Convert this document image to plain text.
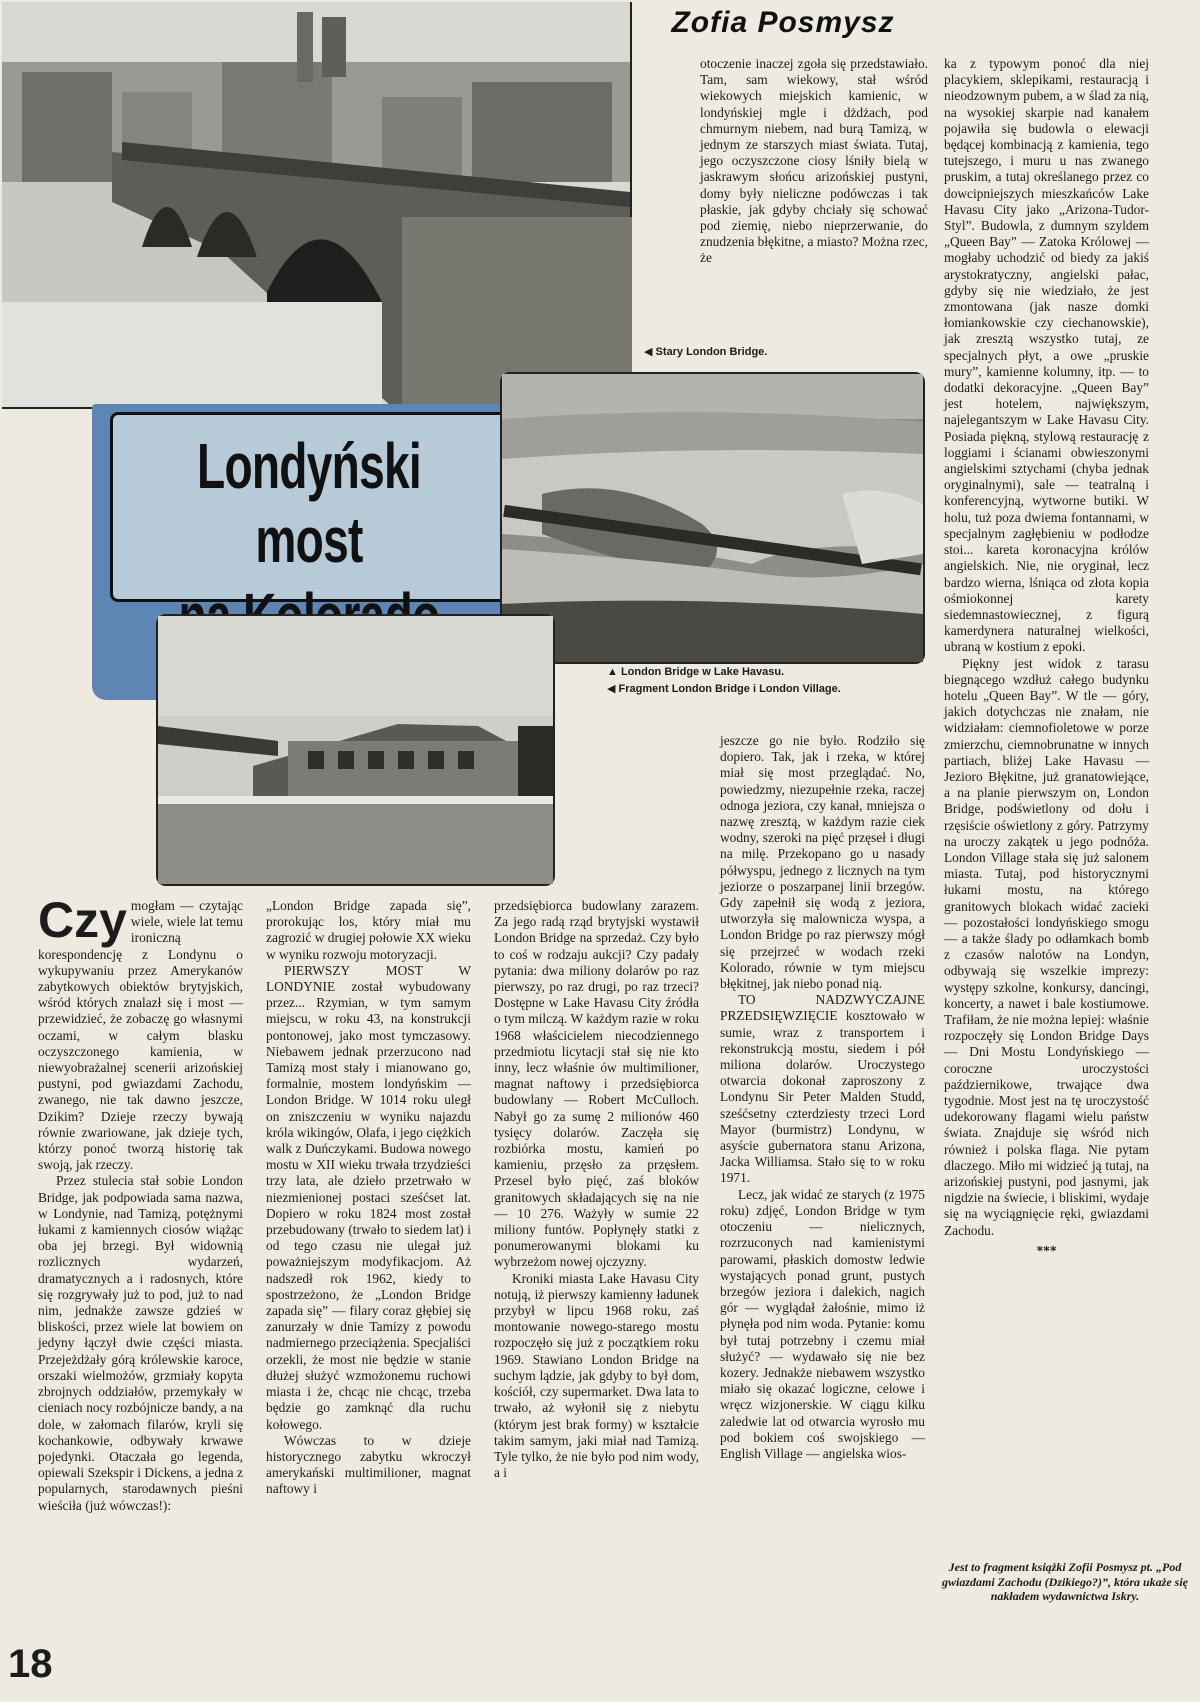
Zofia Posmysz
◀ Stary London Bridge.
Londyński most
▲ London Bridge w Lake Havasu.
◀ Fragment London Bridge i London Village.

otoczenie inaczej zgoła się przedstawiało. Tam, sam wiekowy, stał wśród wiekowych miejskich kamienic, w londyńskiej mgle i dżdżach, pod chmurnym niebem, nad burą Tamizą, w jednym ze starszych miast świata. Tutaj, jego oczyszczone ciosy lśniły bielą w jaskrawym słońcu arizońskiej pustyni, domy były nieliczne podówczas i tak płaskie, jak gdyby chciały się schować pod ziemię, niebo nieprzerwanie, do znudzenia błękitne, a miasto? Można rzec, że

Czy mogłam — czytając wiele, wiele lat temu ironiczną korespondencję z Londynu o wykupywaniu przez Amerykanów zabytkowych obiektów brytyjskich, wśród których znalazł się i most — przewidzieć, że zobaczę go własnymi oczami, w całym blasku oczyszczonego kamienia, w niewyobrażalnej scenerii arizońskiej pustyni, pod gwiazdami Zachodu, zwanego, nie tak dawno jeszcze, Dzikim? Dzieje rzeczy bywają równie zwariowane, jak dzieje tych, którzy ponoć tworzą historię tak swoją, jak rzeczy.

Przez stulecia stał sobie London Bridge, jak podpowiada sama nazwa, w Londynie, nad Tamizą, potężnymi łukami z kamiennych ciosów wiążąc oba jej brzegi. Był widownią rozlicznych wydarzeń, dramatycznych a i radosnych, które się rozgrywały już to pod, już to nad nim, jednakże zawsze gdzieś w bliskości, przez wiele lat bowiem on jedyny łączył dwie części miasta. Przejeżdżały górą królewskie karoce, orszaki wielmożów, grzmiały kopyta zbrojnych oddziałów, przemykały w cieniach nocy rozbójnicze bandy, a na dole, w załomach filarów, kryli się kochankowie, odbywały krwawe pojedynki. Otaczała go legenda, opiewali Szekspir i Dickens, a jedna z popularnych, starodawnych pieśni wieściła (już wówczas!):

„London Bridge zapada się”, prorokując los, który miał mu zagrozić w drugiej połowie XX wieku w wyniku rozwoju motoryzacji.

PIERWSZY MOST W LONDYNIE został wybudowany przez... Rzymian, w tym samym miejscu, w roku 43, na konstrukcji pontonowej, jako most tymczasowy. Niebawem jednak przerzucono nad Tamizą most stały i mianowano go, formalnie, mostem londyńskim — London Bridge. W 1014 roku uległ on zniszczeniu w wyniku najazdu króla wikingów, Olafa, i jego ciężkich walk z Duńczykami. Budowa nowego mostu w XII wieku trwała trzydzieści trzy lata, ale dzieło przetrwało w niezmienionej postaci sześćset lat. Dopiero w roku 1824 most został przebudowany (trwało to siedem lat) i od tego czasu nie ulegał już poważniejszym modyfikacjom. Aż nadszedł rok 1962, kiedy to spostrzeżono, że „London Bridge zapada się” — filary coraz głębiej się zanurzały w dnie Tamizy z powodu nadmiernego przeciążenia. Specjaliści orzekli, że most nie będzie w stanie dłużej służyć wzmożonemu ruchowi miasta i że, chcąc nie chcąc, trzeba będzie go zamknąć dla ruchu kołowego.

Wówczas to w dzieje historycznego zabytku wkroczył amerykański multimilioner, magnat naftowy i

przedsiębiorca budowlany zarazem. Za jego radą rząd brytyjski wystawił London Bridge na sprzedaż. Czy było to coś w rodzaju aukcji? Czy padały pytania: dwa miliony dolarów po raz pierwszy, po raz drugi, po raz trzeci? Dostępne w Lake Havasu City źródła o tym milczą. W każdym razie w roku 1968 właścicielem niecodziennego przedmiotu licytacji stał się nie kto inny, lecz właśnie ów multimilioner, magnat naftowy i przedsiębiorca budowlany — Robert McCulloch. Nabył go za sumę 2 milionów 460 tysięcy dolarów. Zaczęła się rozbiórka mostu, kamień po kamieniu, przęsło za przęsłem. Przesel było pięć, zaś bloków granitowych składających się na nie — 10 276. Ważyły w sumie 22 miliony funtów. Popłynęły statki z ponumerowanymi blokami ku wybrzeżom nowej ojczyzny.

Kroniki miasta Lake Havasu City notują, iż pierwszy kamienny ładunek przybył w lipcu 1968 roku, zaś montowanie nowego-starego mostu rozpoczęło się już z początkiem roku 1969. Stawiano London Bridge na suchym lądzie, jak gdyby to był dom, kościół, czy supermarket. Dwa lata to trwało, aż wyłonił się z niebytu (którym jest brak formy) w kształcie takim samym, jaki miał nad Tamizą. Tyle tylko, że nie było pod nim wody, a i

jeszcze go nie było. Rodziło się dopiero. Tak, jak i rzeka, w której miał się most przeglądać. No, powiedzmy, niezupełnie rzeka, raczej odnoga jeziora, czy kanał, mniejsza o nazwę zresztą, w każdym razie ciek wodny, szeroki na pięć przęseł i długi na milę. Przekopano go u nasady półwyspu, jednego z licznych na tym jeziorze o poszarpanej linii brzegów. Gdy zapełnił się wodą z jeziora, utworzyła się malownicza wyspa, a London Bridge po raz pierwszy mógł się przejrzeć w wodach rzeki Kolorado, równie w tym miejscu błękitnej, jak niebo ponad nią.

TO NADZWYCZAJNE PRZEDSIĘWZIĘCIE kosztowało w sumie, wraz z transportem i rekonstrukcją mostu, siedem i pół miliona dolarów. Uroczystego otwarcia dokonał zaproszony z Londynu Sir Peter Malden Studd, sześćsetny czterdziesty trzeci Lord Mayor (burmistrz) Londynu, w asyście gubernatora stanu Arizona, Jacka Williamsa. Stało się to w roku 1971.

Lecz, jak widać ze starych (z 1975 roku) zdjęć, London Bridge w tym otoczeniu — nielicznych, rozrzuconych nad kamienistymi parowami, płaskich domostw ledwie wystających ponad grunt, pustych brzegów jeziora i dalekich, nagich gór — wyglądał żałośnie, mimo iż płynęła pod nim woda. Pytanie: komu był tutaj potrzebny i czemu miał służyć? — wydawało się nie bez kozery. Jednakże niebawem wszystko miało się okazać logiczne, celowe i wręcz wizjonerskie. W ciągu kilku zaledwie lat od otwarcia wyrosło mu pod bokiem coś swojskiego — English Village — angielska wios-

ka z typowym ponoć dla niej placykiem, sklepikami, restauracją i nieodzownym pubem, a w ślad za nią, na wysokiej skarpie nad kanałem pojawiła się budowla o elewacji będącej kombinacją z kamienia, tego tutejszego, i muru u nas zwanego pruskim, a tutaj określanego przez co dowcipniejszych mieszkańców Lake Havasu City jako „Arizona-Tudor-Styl”. Budowla, z dumnym szyldem „Queen Bay” — Zatoka Królowej — mogłaby uchodzić od biedy za jakiś arystokratyczny, angielski pałac, gdyby się nie wiedziało, że jest zmontowana (jak nasze domki łomiankowskie czy ciechanowskie), jak zresztą wszystko tutaj, ze specjalnych płyt, a owe „pruskie mury”, kamienne kolumny, itp. — to dodatki dekoracyjne. „Queen Bay” jest hotelem, największym, najelegantszym w Lake Havasu City. Posiada piękną, stylową restaurację z loggiami i ścianami obwieszonymi angielskimi sztychami (chyba jednak oryginalnymi), sale — teatralną i konferencyjną, wytworne butiki. W holu, tuż poza dwiema fontannami, w specjalnym zagłębieniu w podłodze stoi... kareta koronacyjna królów angielskich. Nie, nie oryginał, lecz bardzo wierna, lśniąca od złota kopia ośmiokonnej karety siedemnastowiecznej, z figurą kamerdynera naturalnej wielkości, ubraną w kostium z epoki.

Piękny jest widok z tarasu biegnącego wzdłuż całego budynku hotelu „Queen Bay”. W tle — góry, jakich dotychczas nie znałam, nie widziałam: ciemnofioletowe w porze zmierzchu, ciemnobrunatne w innych partiach, bliżej Lake Havasu — Jezioro Błękitne, już granatowiejące, a na planie pierwszym on, London Bridge, podświetlony od dołu i rzęsiście oświetlony z góry. Patrzymy na uroczy zakątek u jego podnóża. London Village stała się już salonem miasta. Tutaj, pod historycznymi łukami mostu, na którego granitowych blokach widać zacieki — pozostałości londyńskiego smogu — a także ślady po odłamkach bomb z czasów nalotów na Londyn, odbywają się wszelkie imprezy: występy szkolne, konkursy, dancingi, koncerty, a nawet i bale kostiumowe. Trafiłam, że nie można lepiej: właśnie rozpoczęły się London Bridge Days — Dni Mostu Londyńskiego — coroczne uroczystości październikowe, trwające dwa tygodnie. Most jest na tę uroczystość udekorowany flagami wielu państw świata. Znajduje się wśród nich również i polska flaga. Nie pytam dlaczego. Miło mi widzieć ją tutaj, na arizońskiej pustyni, pod jasnymi, jak nigdzie na świecie, i bliskimi, wydaje się na wyciągnięcie ręki, gwiazdami Zachodu.

***

Jest to fragment książki Zofii Posmysz pt. „Pod gwiazdami Zachodu (Dzikiego?)”, która ukaże się nakładem wydawnictwa Iskry.
18
